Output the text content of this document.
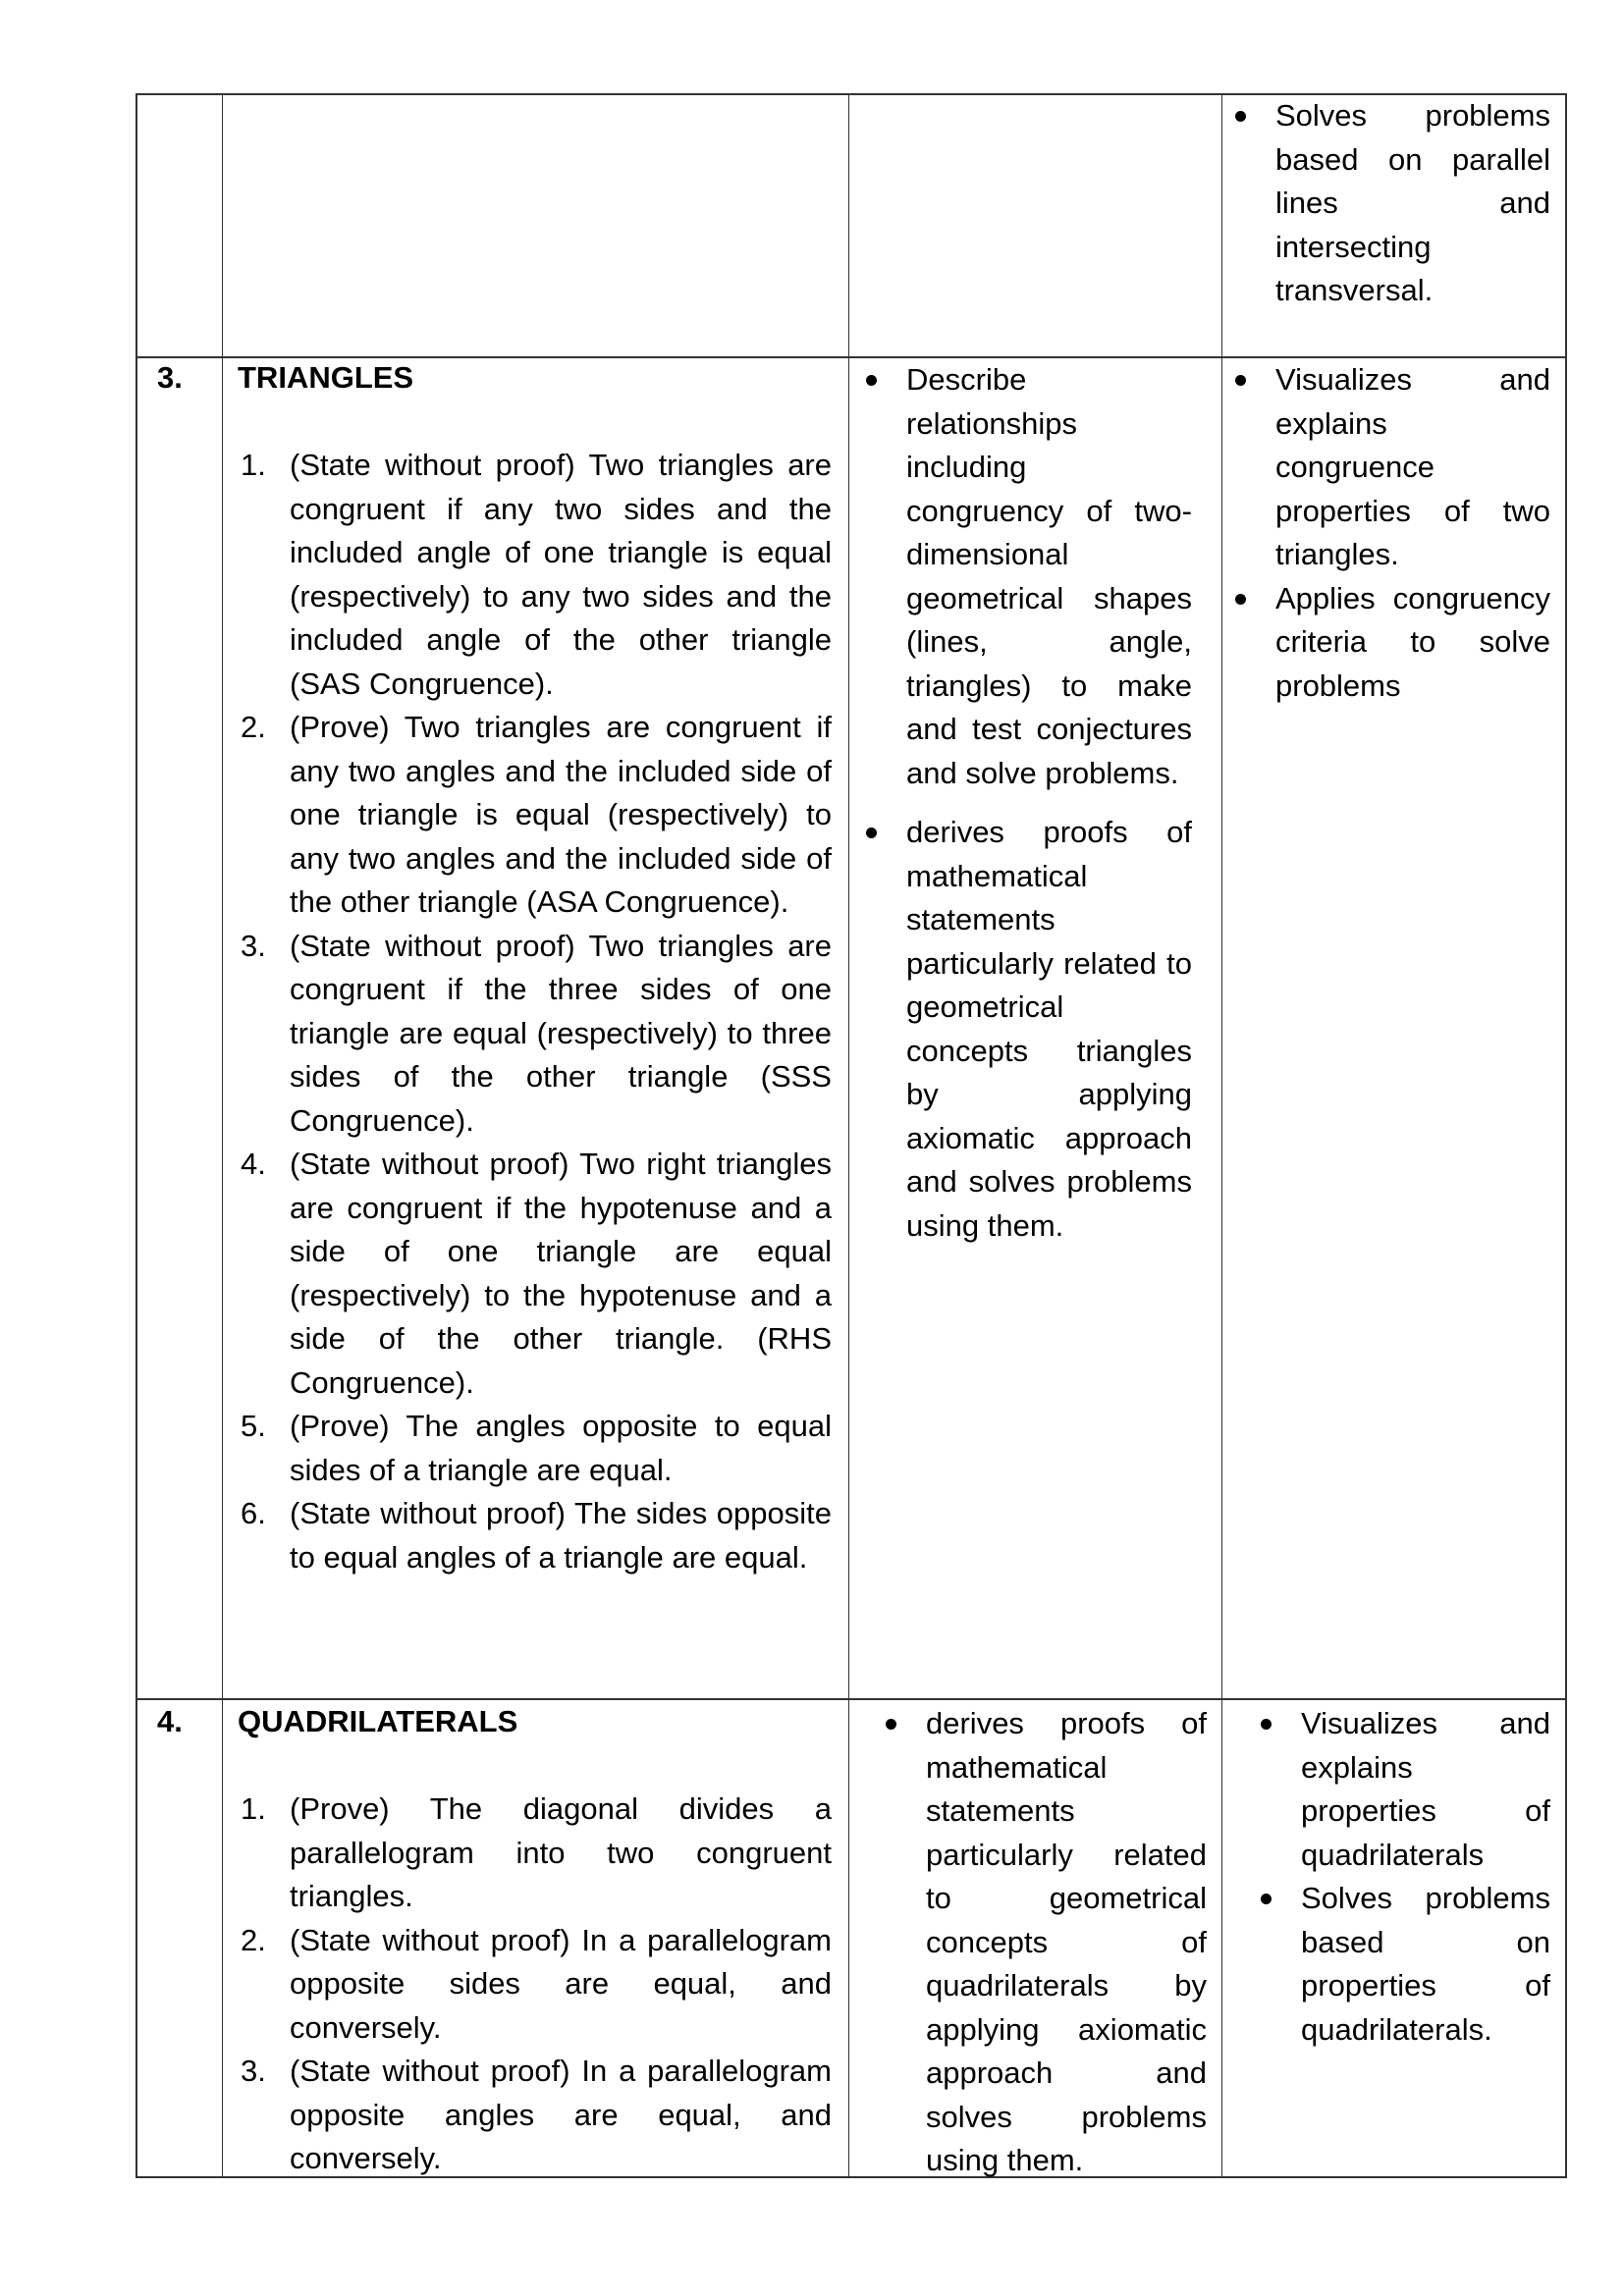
Solves problems based on parallel lines and intersecting transversal.
3. TRIANGLES
1. (State without proof) Two triangles are congruent if any two sides and the included angle of one triangle is equal (respectively) to any two sides and the included angle of the other triangle (SAS Congruence).
2. (Prove) Two triangles are congruent if any two angles and the included side of one triangle is equal (respectively) to any two angles and the included side of the other triangle (ASA Congruence).
3. (State without proof) Two triangles are congruent if the three sides of one triangle are equal (respectively) to three sides of the other triangle (SSS Congruence).
4. (State without proof) Two right triangles are congruent if the hypotenuse and a side of one triangle are equal (respectively) to the hypotenuse and a side of the other triangle. (RHS Congruence).
5. (Prove) The angles opposite to equal sides of a triangle are equal.
6. (State without proof) The sides opposite to equal angles of a triangle are equal.
Describe relationships including congruency of two-dimensional geometrical shapes (lines, angle, triangles) to make and test conjectures and solve problems.
derives proofs of mathematical statements particularly related to geometrical concepts triangles by applying axiomatic approach and solves problems using them.
Visualizes and explains congruence properties of two triangles.
Applies congruency criteria to solve problems
4. QUADRILATERALS
1. (Prove) The diagonal divides a parallelogram into two congruent triangles.
2. (State without proof) In a parallelogram opposite sides are equal, and conversely.
3. (State without proof) In a parallelogram opposite angles are equal, and conversely.
derives proofs of mathematical statements particularly related to geometrical concepts of quadrilaterals by applying axiomatic approach and solves problems using them.
Visualizes and explains properties of quadrilaterals
Solves problems based on properties of quadrilaterals.
